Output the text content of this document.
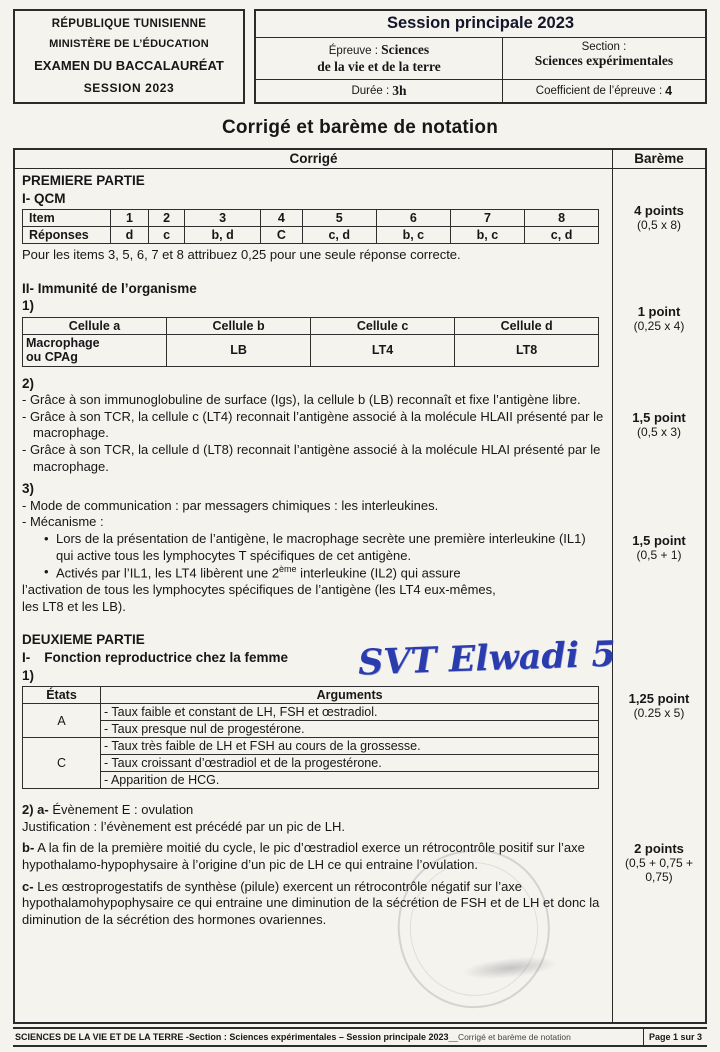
RÉPUBLIQUE TUNISIENNE
MINISTÈRE DE L’ÉDUCATION
EXAMEN DU BACCALAURÉAT
SESSION 2023
Session principale 2023
Épreuve : Sciences
de la vie et de la terre
Section :
Sciences expérimentales
Durée : 3h	Coefficient de l’épreuve : 4
Corrigé et barème de notation
Corrigé	Barème
PREMIERE PARTIE
I- QCM
Item	1	2	3	4	5	6	7	8
Réponses	d	c	b, d	C	c, d	b, c	b, c	c, d
Pour les items 3, 5, 6, 7 et 8 attribuez 0,25 pour une seule réponse correcte.
4 points
(0,5 x 8)
II- Immunité de l’organisme
1)
Cellule a	Cellule b	Cellule c	Cellule d

Macrophage
ou CPAg	LB	LT4	LT8
1 point
(0,25 x 4)
2)
- Grâce à son immunoglobuline de surface (Igs), la cellule b (LB) reconnaît et fixe l’antigène libre.
- Grâce à son TCR, la cellule c (LT4) reconnait l’antigène associé à la molécule HLAII présenté par le macrophage.
- Grâce à son TCR, la cellule d (LT8) reconnait l’antigène associé à la molécule HLAI présenté par le macrophage.
1,5 point
(0,5 x 3)
3)
- Mode de communication : par messagers chimiques : les interleukines.
- Mécanisme :
• Lors de la présentation de l’antigène, le macrophage secrète une première interleukine (IL1) qui active tous les lymphocytes T spécifiques de cet antigène.
• Activés par l’IL1, les LT4 libèrent une 2ème interleukine (IL2) qui assure
l’activation de tous les lymphocytes spécifiques de l’antigène (les LT4 eux-mêmes,
les LT8 et les LB).
1,5 point
(0,5 + 1)
DEUXIEME PARTIE
I- Fonction reproductrice chez la femme
1)
États	Arguments
A	- Taux faible et constant de LH, FSH et œstradiol.
	- Taux presque nul de progestérone.
C	- Taux très faible de LH et FSH au cours de la grossesse.
	- Taux croissant d’œstradiol et de la progestérone.
	- Apparition de HCG.
1,25 point
(0.25 x 5)
2) a- Évènement E : ovulation
Justification : l’évènement est précédé par un pic de LH.
b- A la fin de la première moitié du cycle, le pic d’œstradiol exerce un rétrocontrôle positif sur l’axe hypothalamo-hypophysaire à l’origine d’un pic de LH ce qui entraine l’ovulation.
c- Les œstroprogestatifs de synthèse (pilule) exercent un rétrocontrôle négatif sur l’axe hypothalamohypophysaire ce qui entraine une diminution de la sécrétion de FSH et de LH et donc la diminution de la sécrétion des hormones ovariennes.
2 points
(0,5 + 0,75 + 0,75)
SCIENCES DE LA VIE ET DE LA TERRE -Section : Sciences expérimentales – Session principale 2023 __Corrigé et barème de notation	Page 1 sur 3
SVT Elwadi 5
